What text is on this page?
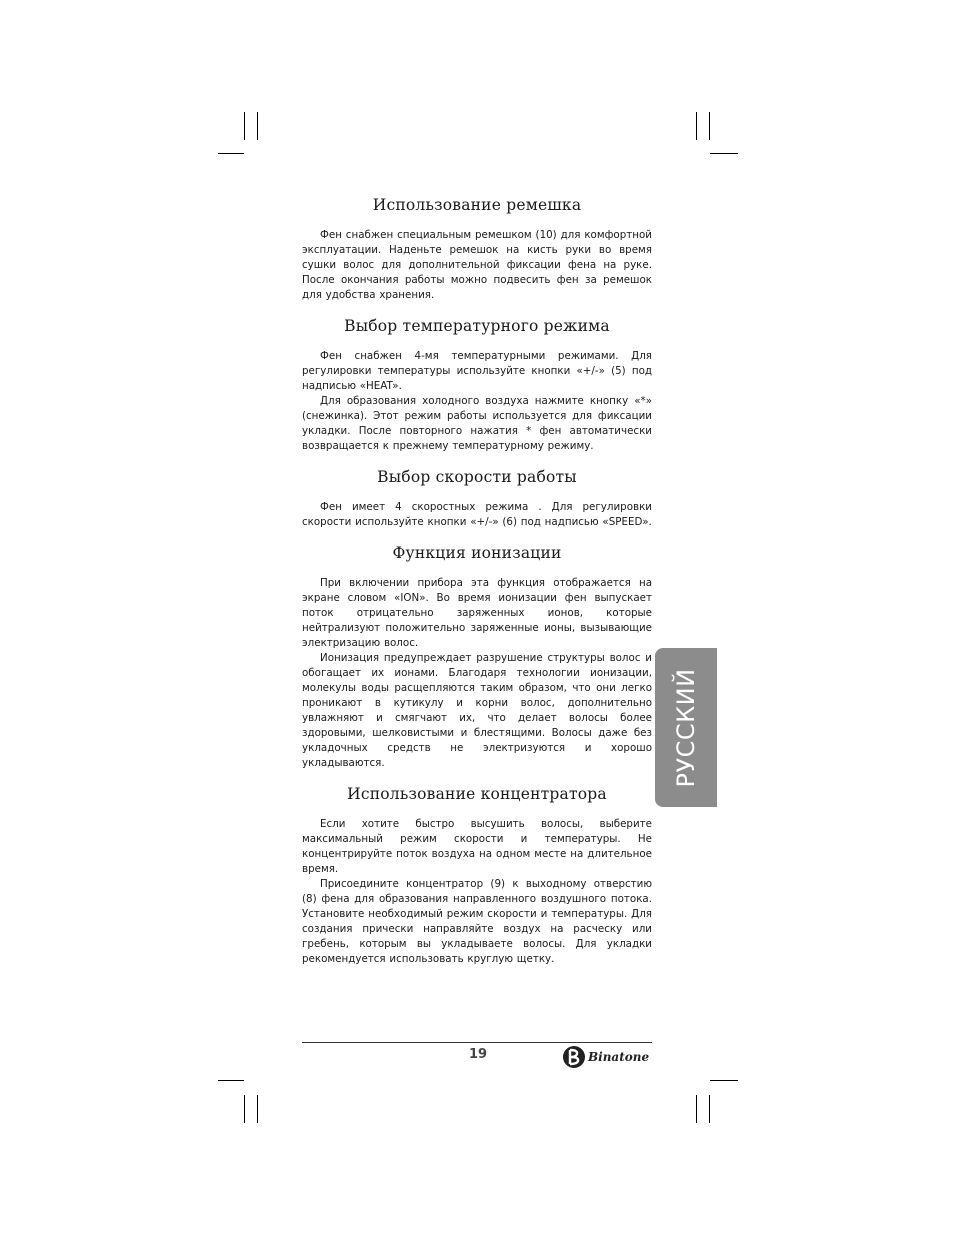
Использование ремешка

Фен снабжен специальным ремешком (10) для комфортной эксплуатации. Наденьте ремешок на кисть руки во время сушки волос для дополнительной фиксации фена на руке. После окончания работы можно подвесить фен за ремешок для удобства хранения.

Выбор температурного режима

Фен снабжен 4-мя температурными режимами. Для регулировки температуры используйте кнопки «+/-» (5) под надписью «HEAT».

Для образования холодного воздуха нажмите кнопку «*» (снежинка). Этот режим работы используется для фиксации укладки. После повторного нажатия * фен автоматически возвращается к прежнему температурному режиму.

Выбор скорости работы

Фен имеет 4 скоростных режима . Для регулировки скорости используйте кнопки «+/-» (6) под надписью «SPEED».

Функция ионизации

При включении прибора эта функция отображается на экране словом «ION». Во время ионизации фен выпускает поток отрицательно заряженных ионов, которые нейтрализуют положительно заряженные ионы, вызывающие электризацию волос.

Ионизация предупреждает разрушение структуры волос и обогащает их ионами. Благодаря технологии ионизации, молекулы воды расщепляются таким образом, что они легко проникают в кутикулу и корни волос, дополнительно увлажняют и смягчают их, что делает волосы более здоровыми, шелковистыми и блестящими. Волосы даже без укладочных средств не электризуются и хорошо укладываются.

Использование концентратора

Если хотите быстро высушить волосы, выберите максимальный режим скорости и температуры. Не концентрируйте поток воздуха на одном месте на длительное время.

Присоедините концентратор (9) к выходному отверстию (8) фена для образования направленного воздушного потока. Установите необходимый режим скорости и температуры. Для создания прически направляйте воздух на расческу или гребень, которым вы укладываете волосы. Для укладки рекомендуется использовать круглую щетку.

РУССКИЙ
19	Binatone
